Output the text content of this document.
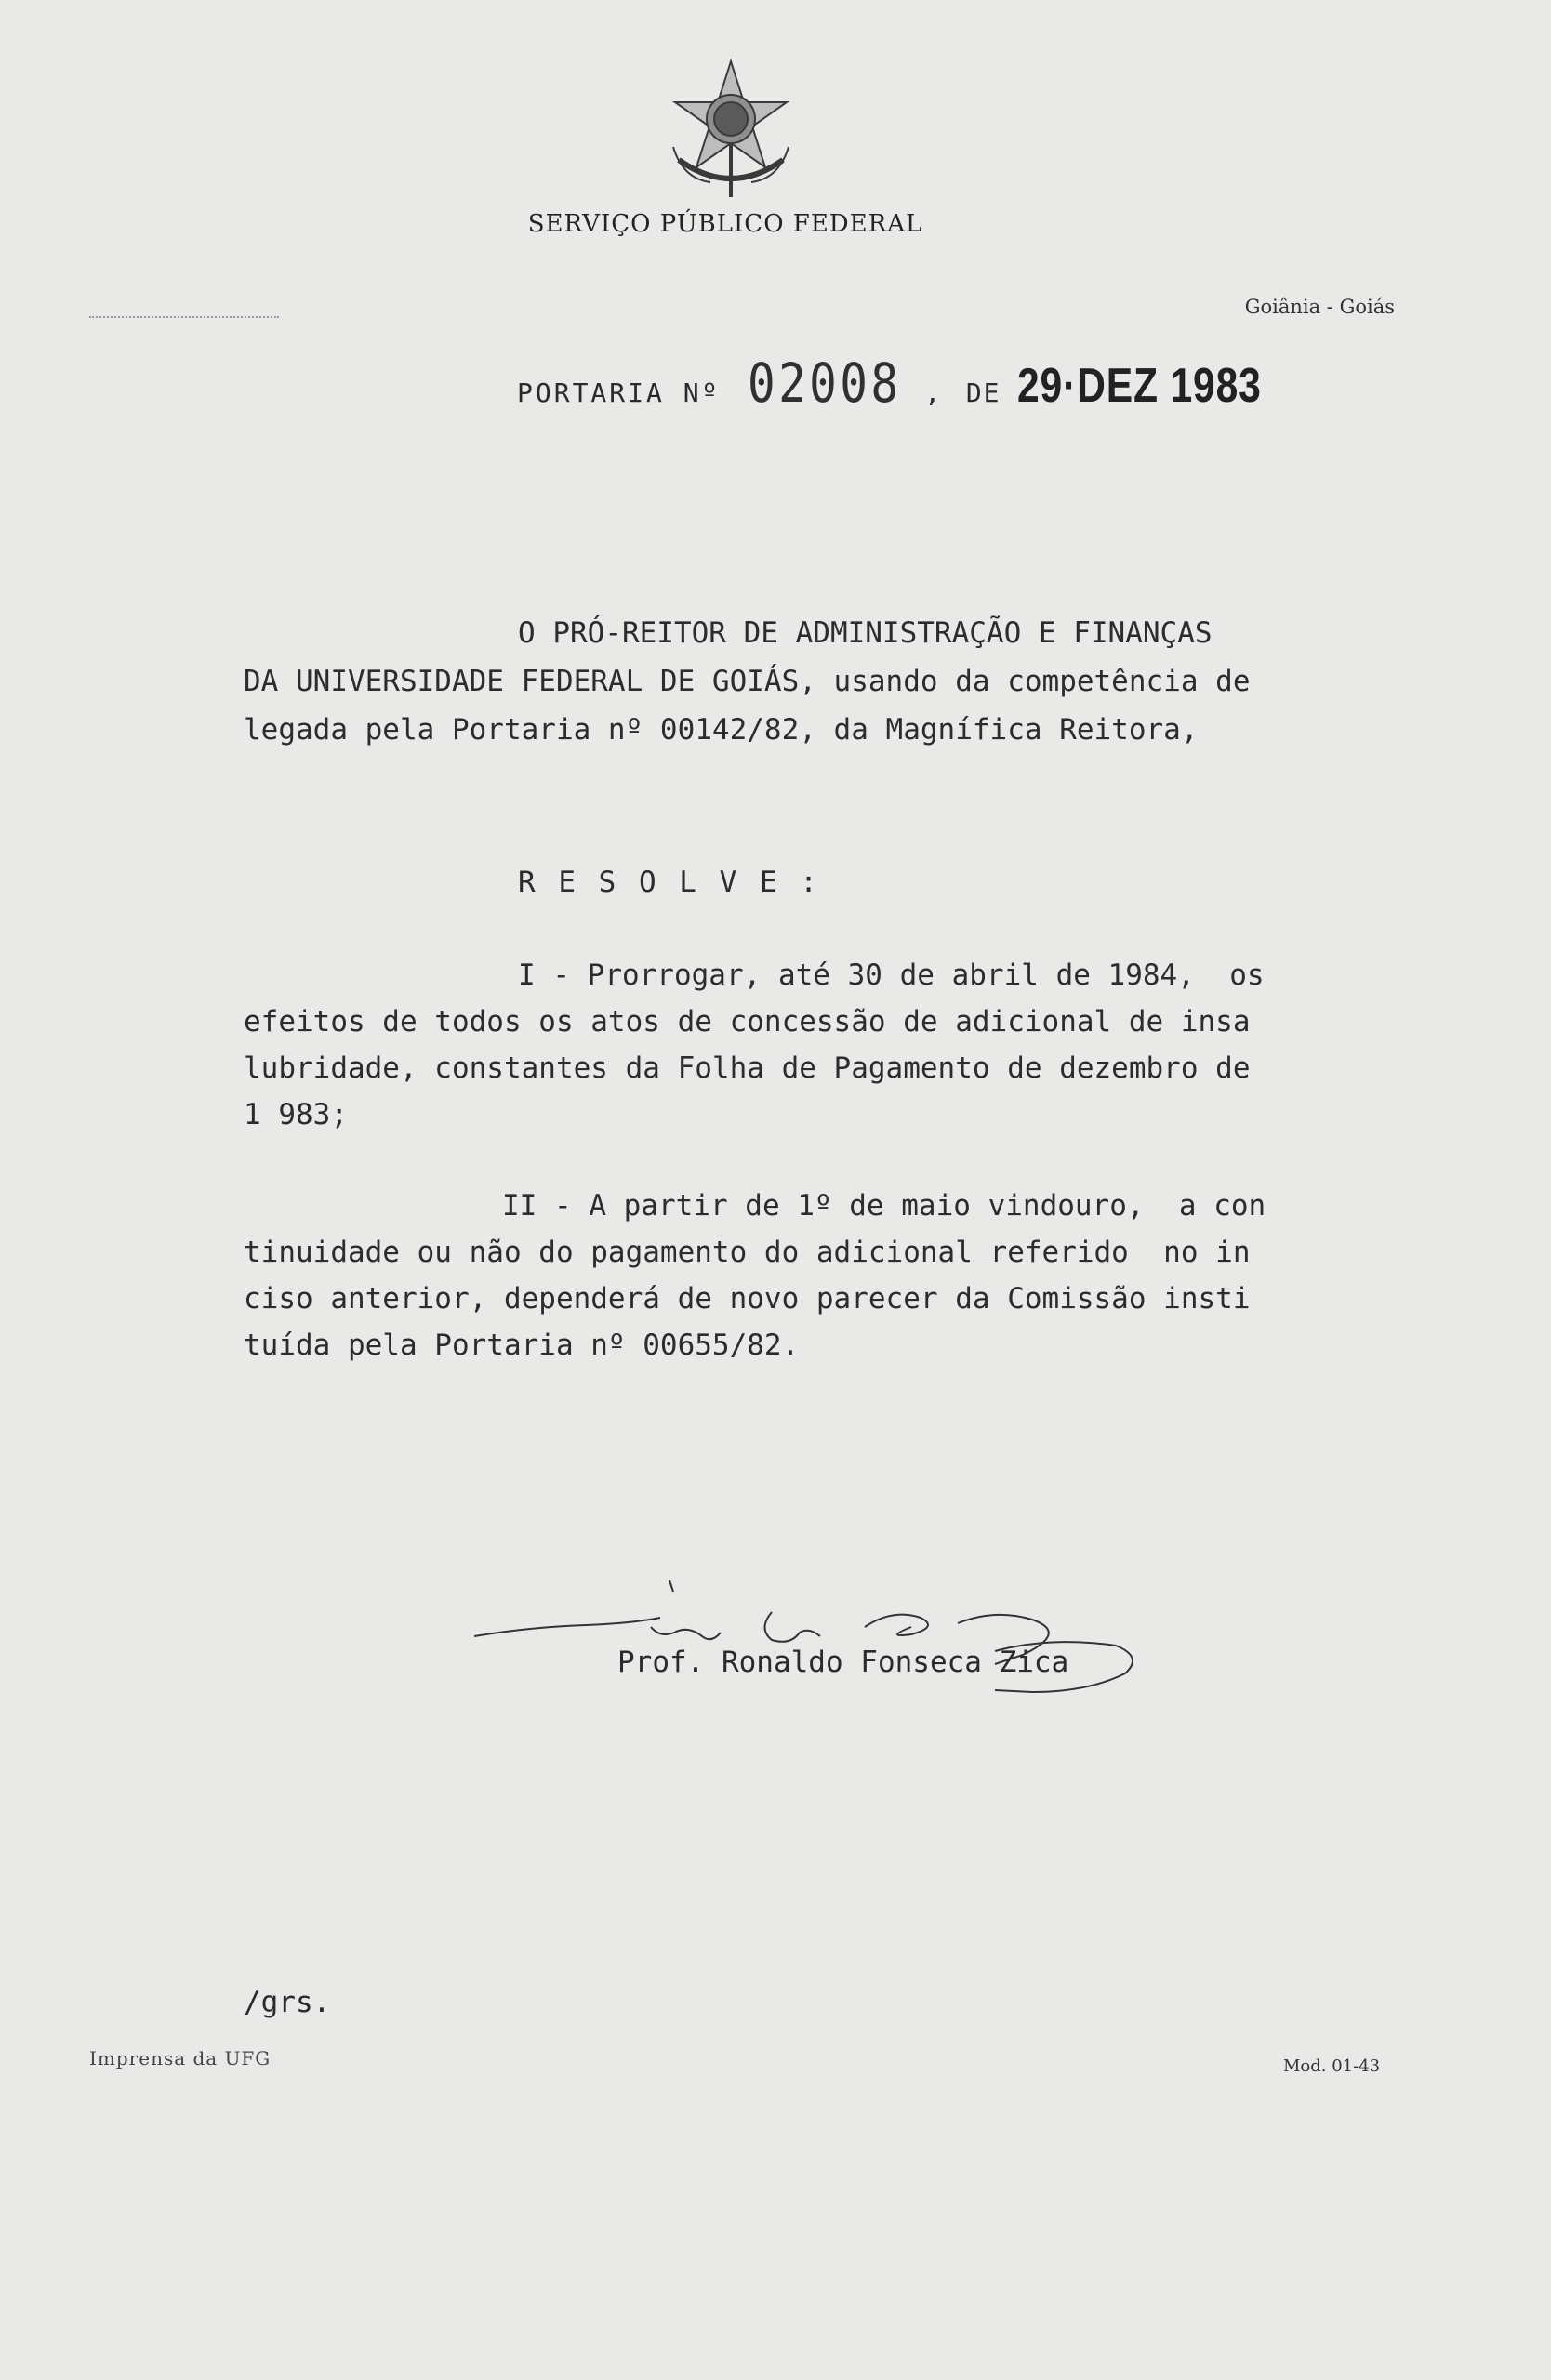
SERVIÇO PÚBLICO FEDERAL
Goiânia - Goiás
PORTARIA Nº 02008 , DE 29·DEZ 1983
O PRÓ-REITOR DE ADMINISTRAÇÃO E FINANÇAS
DA UNIVERSIDADE FEDERAL DE GOIÁS, usando da competência de
legada pela Portaria nº 00142/82, da Magnífica Reitora,
R E S O L V E :
I - Prorrogar, até 30 de abril de 1984,  os
efeitos de todos os atos de concessão de adicional de insa
lubridade, constantes da Folha de Pagamento de dezembro de
1 983;
II - A partir de 1º de maio vindouro,  a con
tinuidade ou não do pagamento do adicional referido  no in
ciso anterior, dependerá de novo parecer da Comissão insti
tuída pela Portaria nº 00655/82.
Prof. Ronaldo Fonseca Zica
/grs.
Imprensa da UFG	Mod. 01-43
